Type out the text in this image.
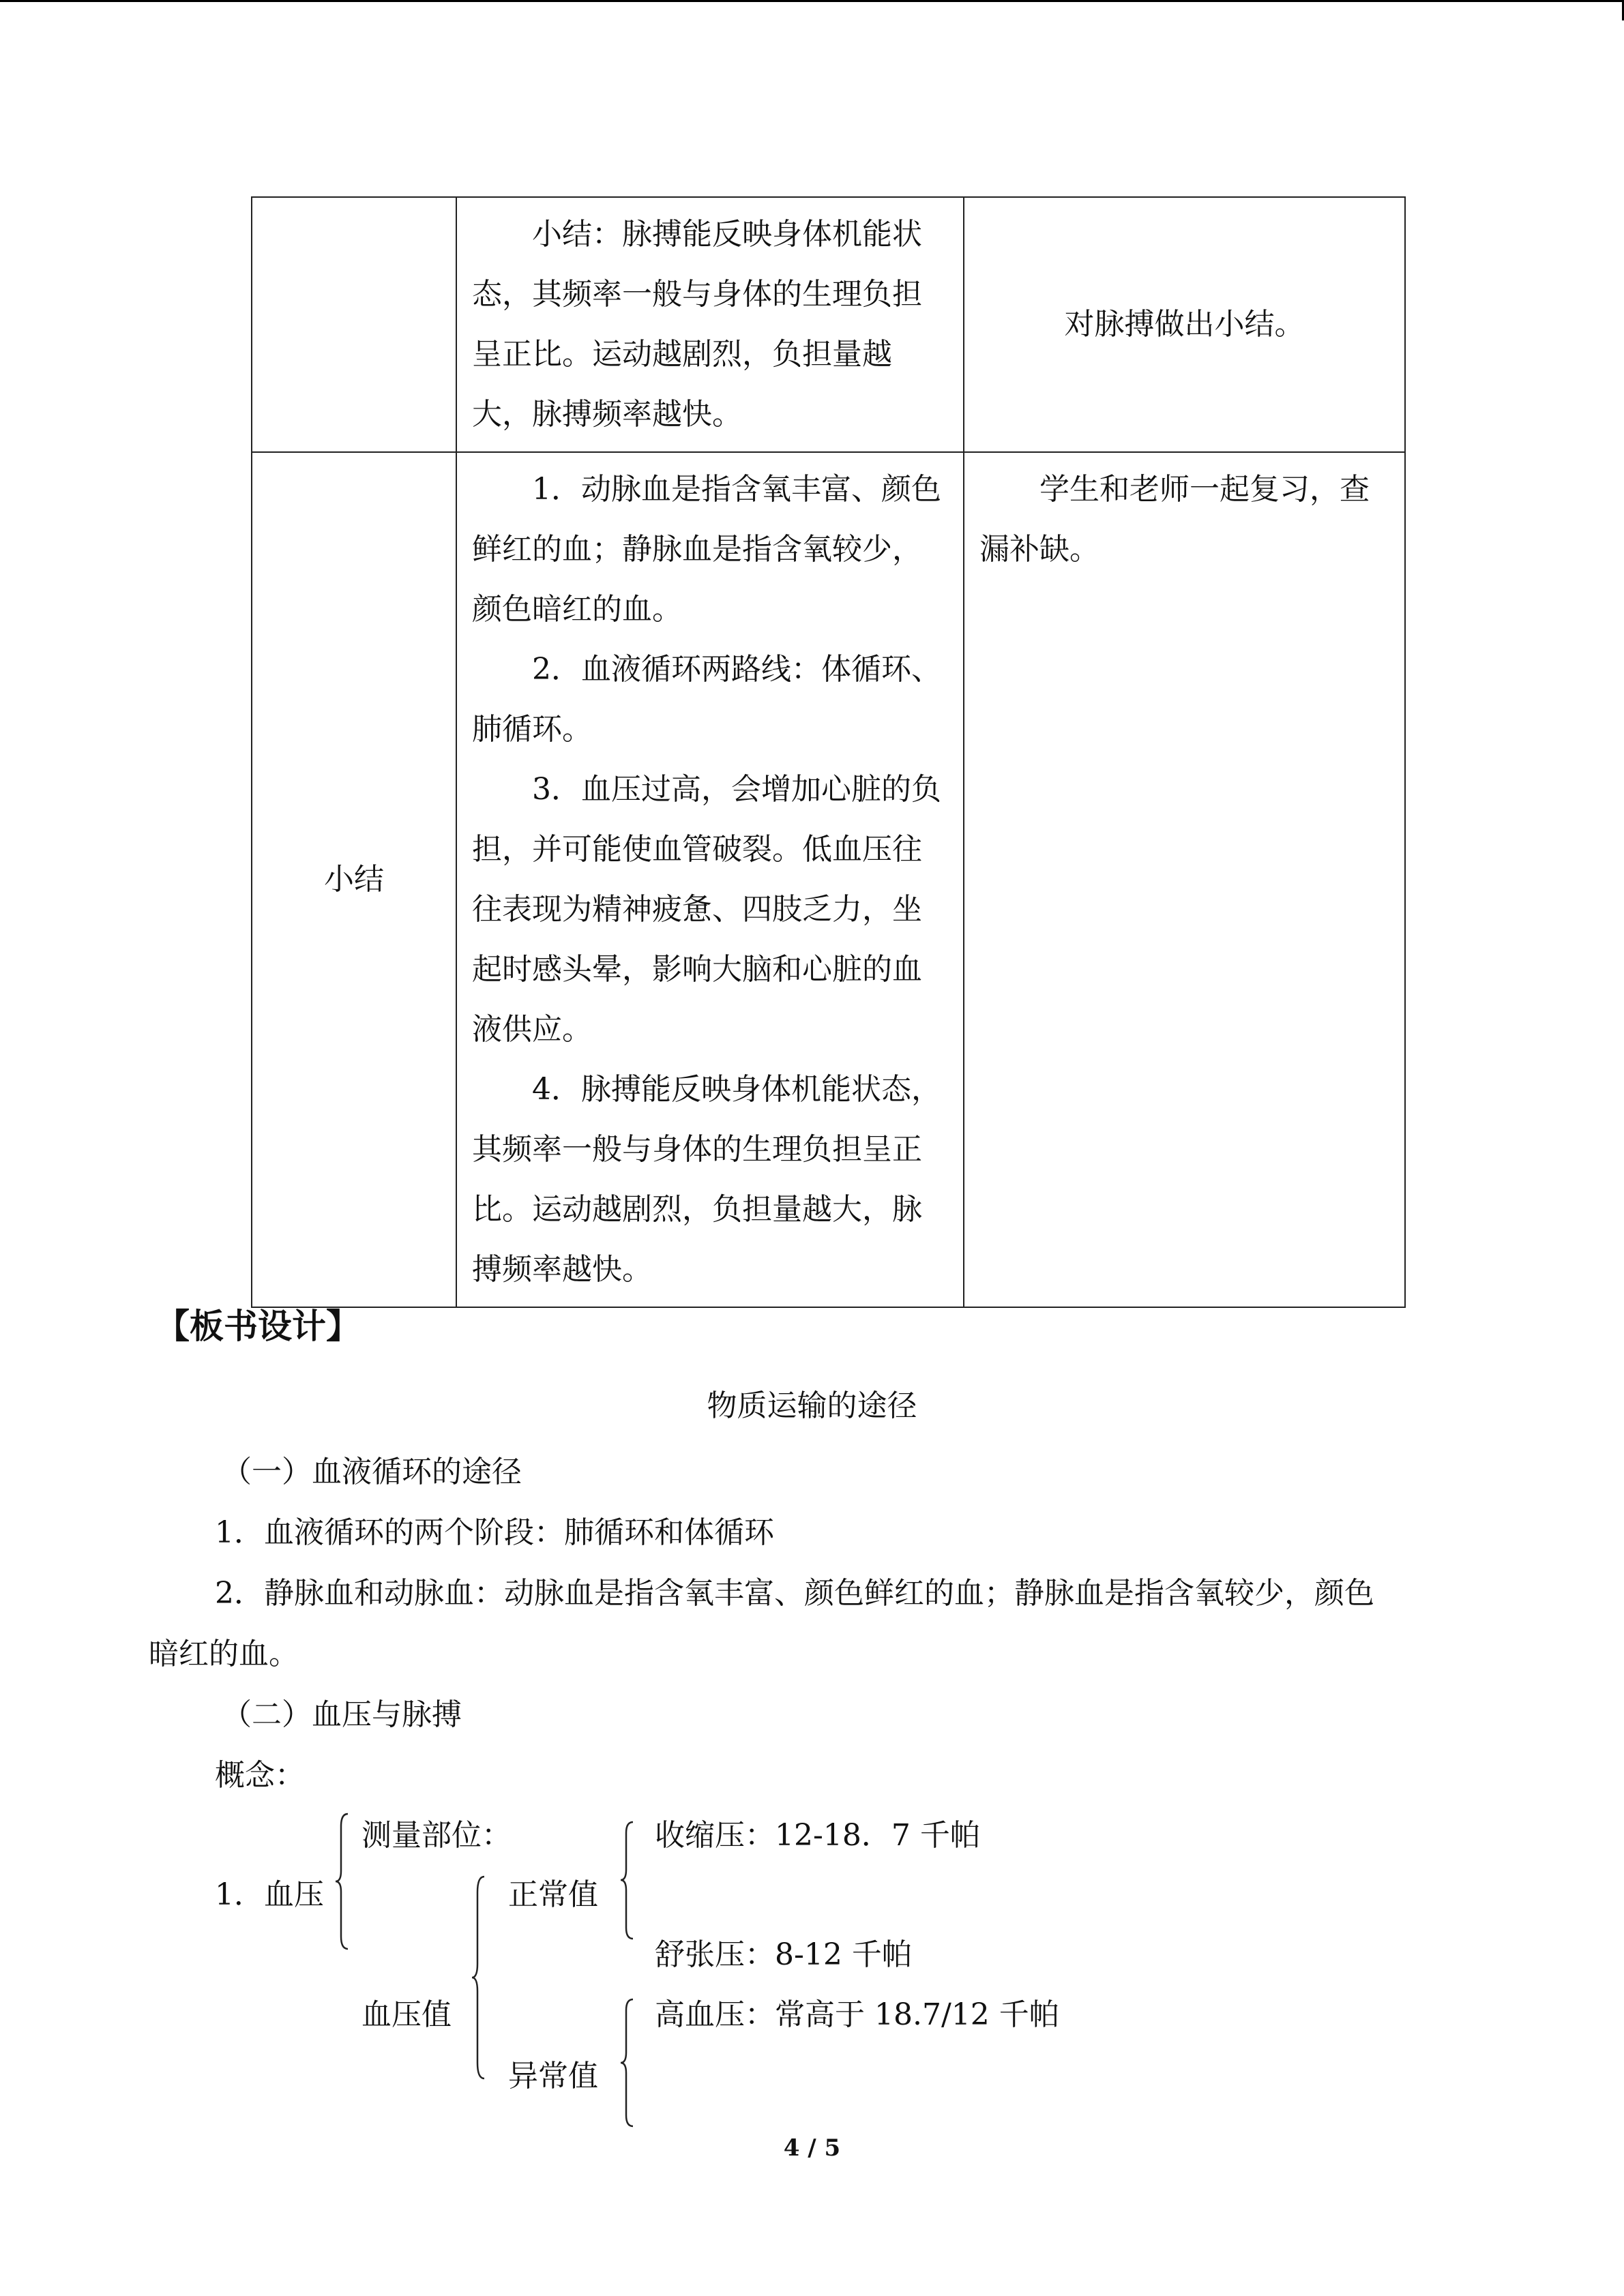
	小结：脉搏能反映身体机能状态，其频率一般与身体的生理负担呈正比。运动越剧烈，负担量越大，脉搏频率越快。	对脉搏做出小结。
小结	1．动脉血是指含氧丰富、颜色鲜红的血；静脉血是指含氧较少，颜色暗红的血。

2．血液循环两路线：体循环、肺循环。

3．血压过高，会增加心脏的负担，并可能使血管破裂。低血压往往表现为精神疲惫、四肢乏力，坐起时感头晕，影响大脑和心脏的血液供应。

4．脉搏能反映身体机能状态，其频率一般与身体的生理负担呈正比。运动越剧烈，负担量越大，脉搏频率越快。	学生和老师一起复习，查漏补缺。

【板书设计】
物质运输的途径
（一）血液循环的途径
1．血液循环的两个阶段：肺循环和体循环
2．静脉血和动脉血：动脉血是指含氧丰富、颜色鲜红的血；静脉血是指含氧较少，颜色
暗红的血。
（二）血压与脉搏
概念：
1．血压
测量部位：
血压值
正常值
收缩压：12-18．7 千帕
舒张压：8-12 千帕
异常值
高血压：常高于 18.7/12 千帕
4 / 5
